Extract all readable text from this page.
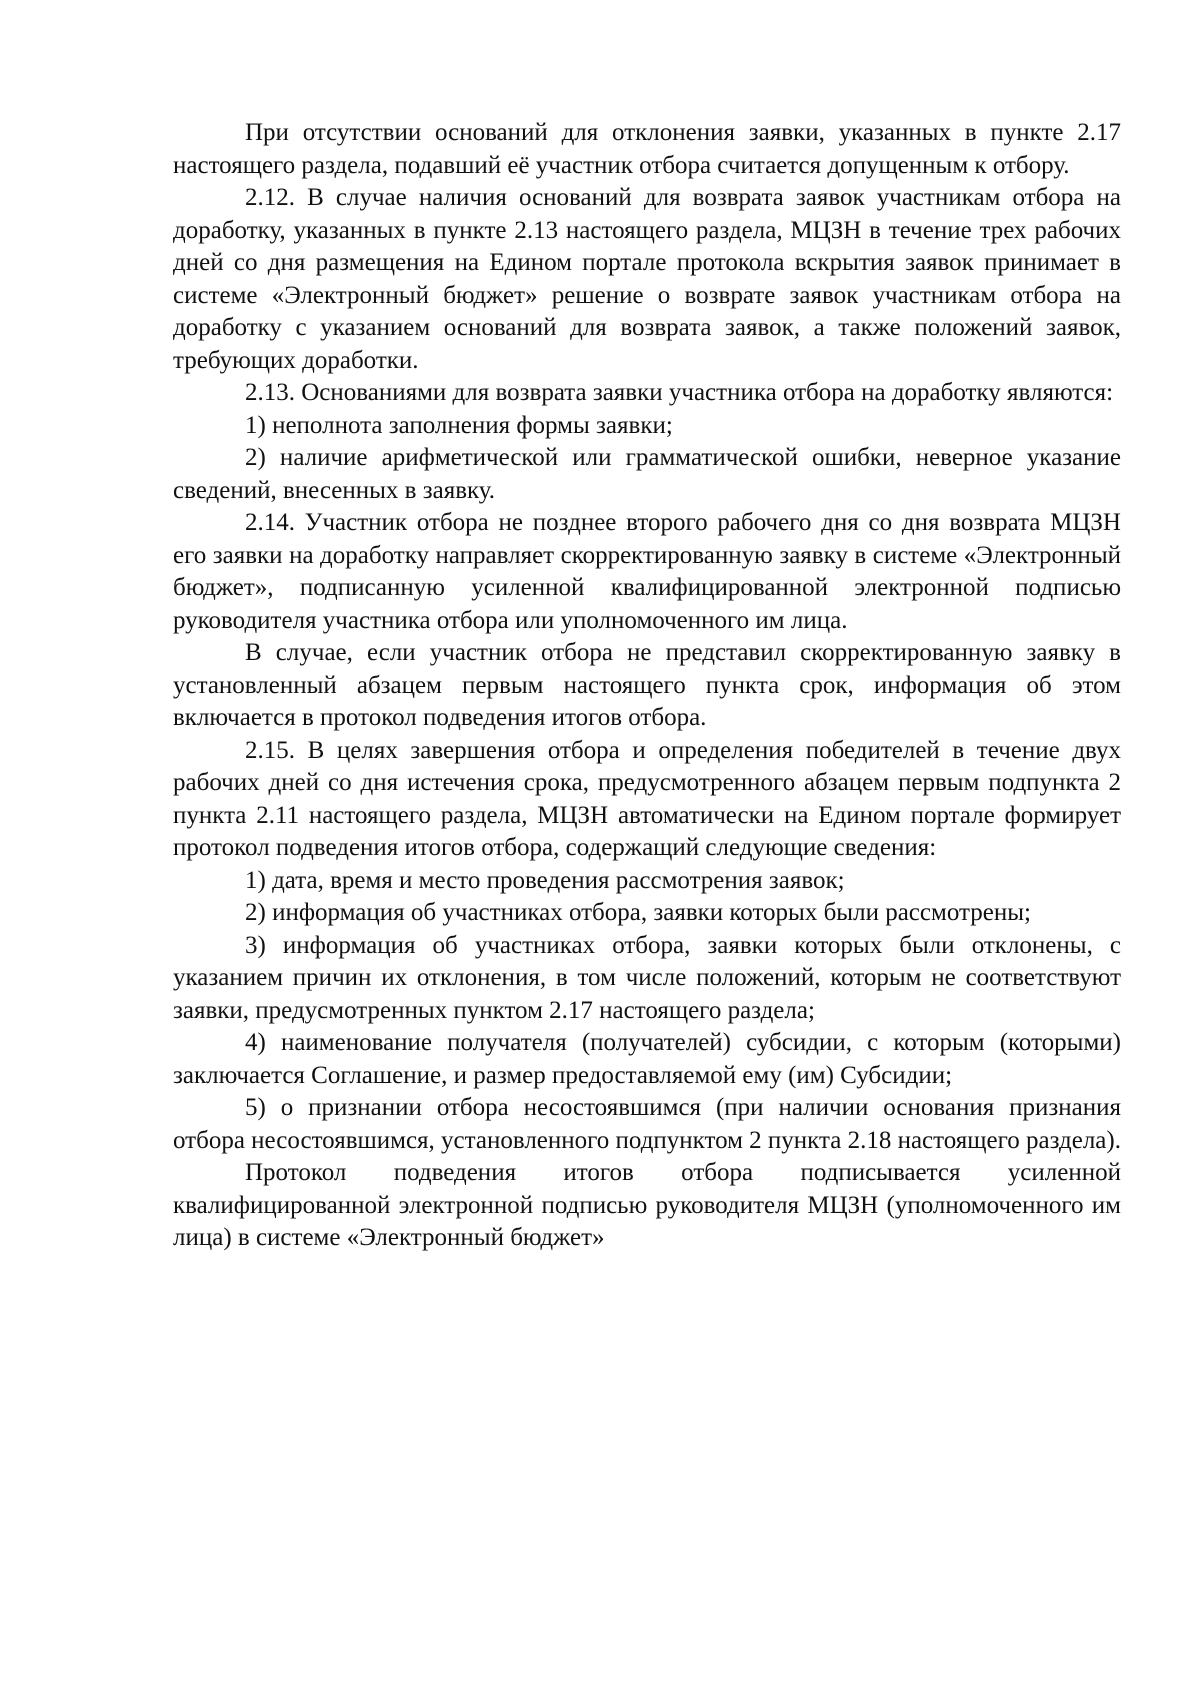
При отсутствии оснований для отклонения заявки, указанных в пункте 2.17 настоящего раздела, подавший её участник отбора считается допущенным к отбору.

2.12. В случае наличия оснований для возврата заявок участникам отбора на доработку, указанных в пункте 2.13 настоящего раздела, МЦЗН в течение трех рабочих дней со дня размещения на Едином портале протокола вскрытия заявок принимает в системе «Электронный бюджет» решение о возврате заявок участникам отбора на доработку с указанием оснований для возврата заявок, а также положений заявок, требующих доработки.

2.13. Основаниями для возврата заявки участника отбора на доработку являются:

1) неполнота заполнения формы заявки;

2) наличие арифметической или грамматической ошибки, неверное указание сведений, внесенных в заявку.

2.14. Участник отбора не позднее второго рабочего дня со дня возврата МЦЗН его заявки на доработку направляет скорректированную заявку в системе «Электронный бюджет», подписанную усиленной квалифицированной электронной подписью руководителя участника отбора или уполномоченного им лица.

В случае, если участник отбора не представил скорректированную заявку в установленный абзацем первым настоящего пункта срок, информация об этом включается в протокол подведения итогов отбора.

2.15. В целях завершения отбора и определения победителей в течение двух рабочих дней со дня истечения срока, предусмотренного абзацем первым подпункта 2 пункта 2.11 настоящего раздела, МЦЗН автоматически на Едином портале формирует протокол подведения итогов отбора, содержащий следующие сведения:

1) дата, время и место проведения рассмотрения заявок;

2) информация об участниках отбора, заявки которых были рассмотрены;

3) информация об участниках отбора, заявки которых были отклонены, с указанием причин их отклонения, в том числе положений, которым не соответствуют заявки, предусмотренных пунктом 2.17 настоящего раздела;

4) наименование получателя (получателей) субсидии, с которым (которыми) заключается Соглашение, и размер предоставляемой ему (им) Субсидии;

5) о признании отбора несостоявшимся (при наличии основания признания отбора несостоявшимся, установленного подпунктом 2 пункта 2.18 настоящего раздела).

Протокол подведения итогов отбора подписывается усиленной квалифицированной электронной подписью руководителя МЦЗН (уполномоченного им лица) в системе «Электронный бюджет»
